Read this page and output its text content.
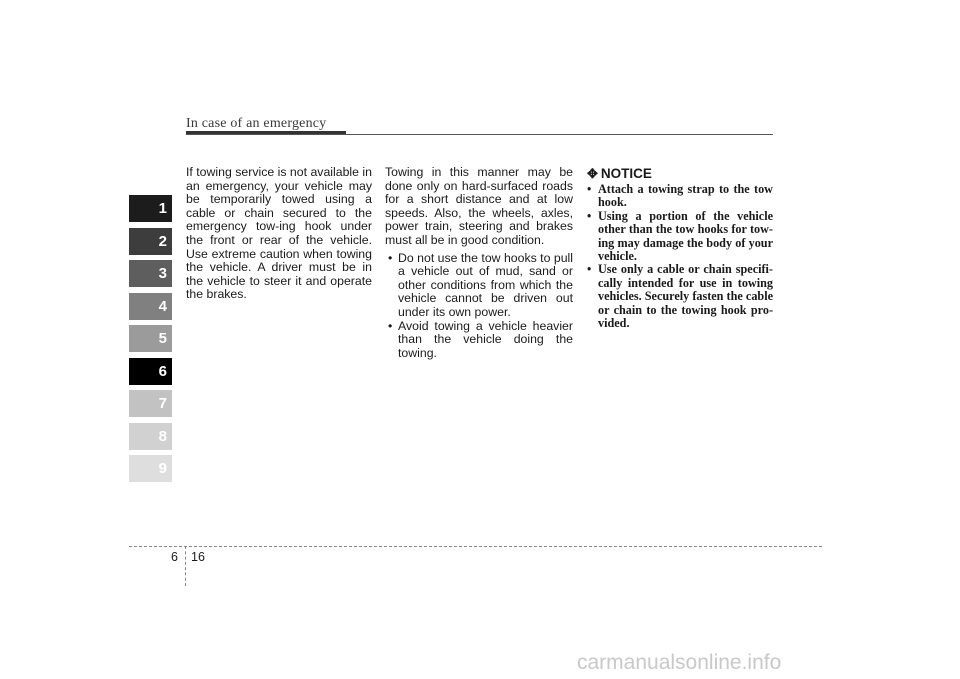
In case of an emergency
1
2
3
4
5
6
7
8
9

If towing service is not available in an emergency, your vehicle may be temporarily towed using a cable or chain secured to the emergency tow-ing hook under the front or rear of the vehicle. Use extreme caution when towing the vehicle. A driver must be in the vehicle to steer it and operate the brakes.

Towing in this manner may be done only on hard-surfaced roads for a short distance and at low speeds. Also, the wheels, axles, power train, steering and brakes must all be in good condition.

• Do not use the tow hooks to pull a vehicle out of mud, sand or other conditions from which the vehicle cannot be driven out under its own power.
• Avoid towing a vehicle heavier than the vehicle doing the towing.
✥ NOTICE
• Attach a towing strap to the tow hook.
• Using a portion of the vehicle other than the tow hooks for tow-ing may damage the body of your vehicle.
• Use only a cable or chain specifi-cally intended for use in towing vehicles. Securely fasten the cable or chain to the towing hook pro-vided.
6 16
carmanualsonline.info
